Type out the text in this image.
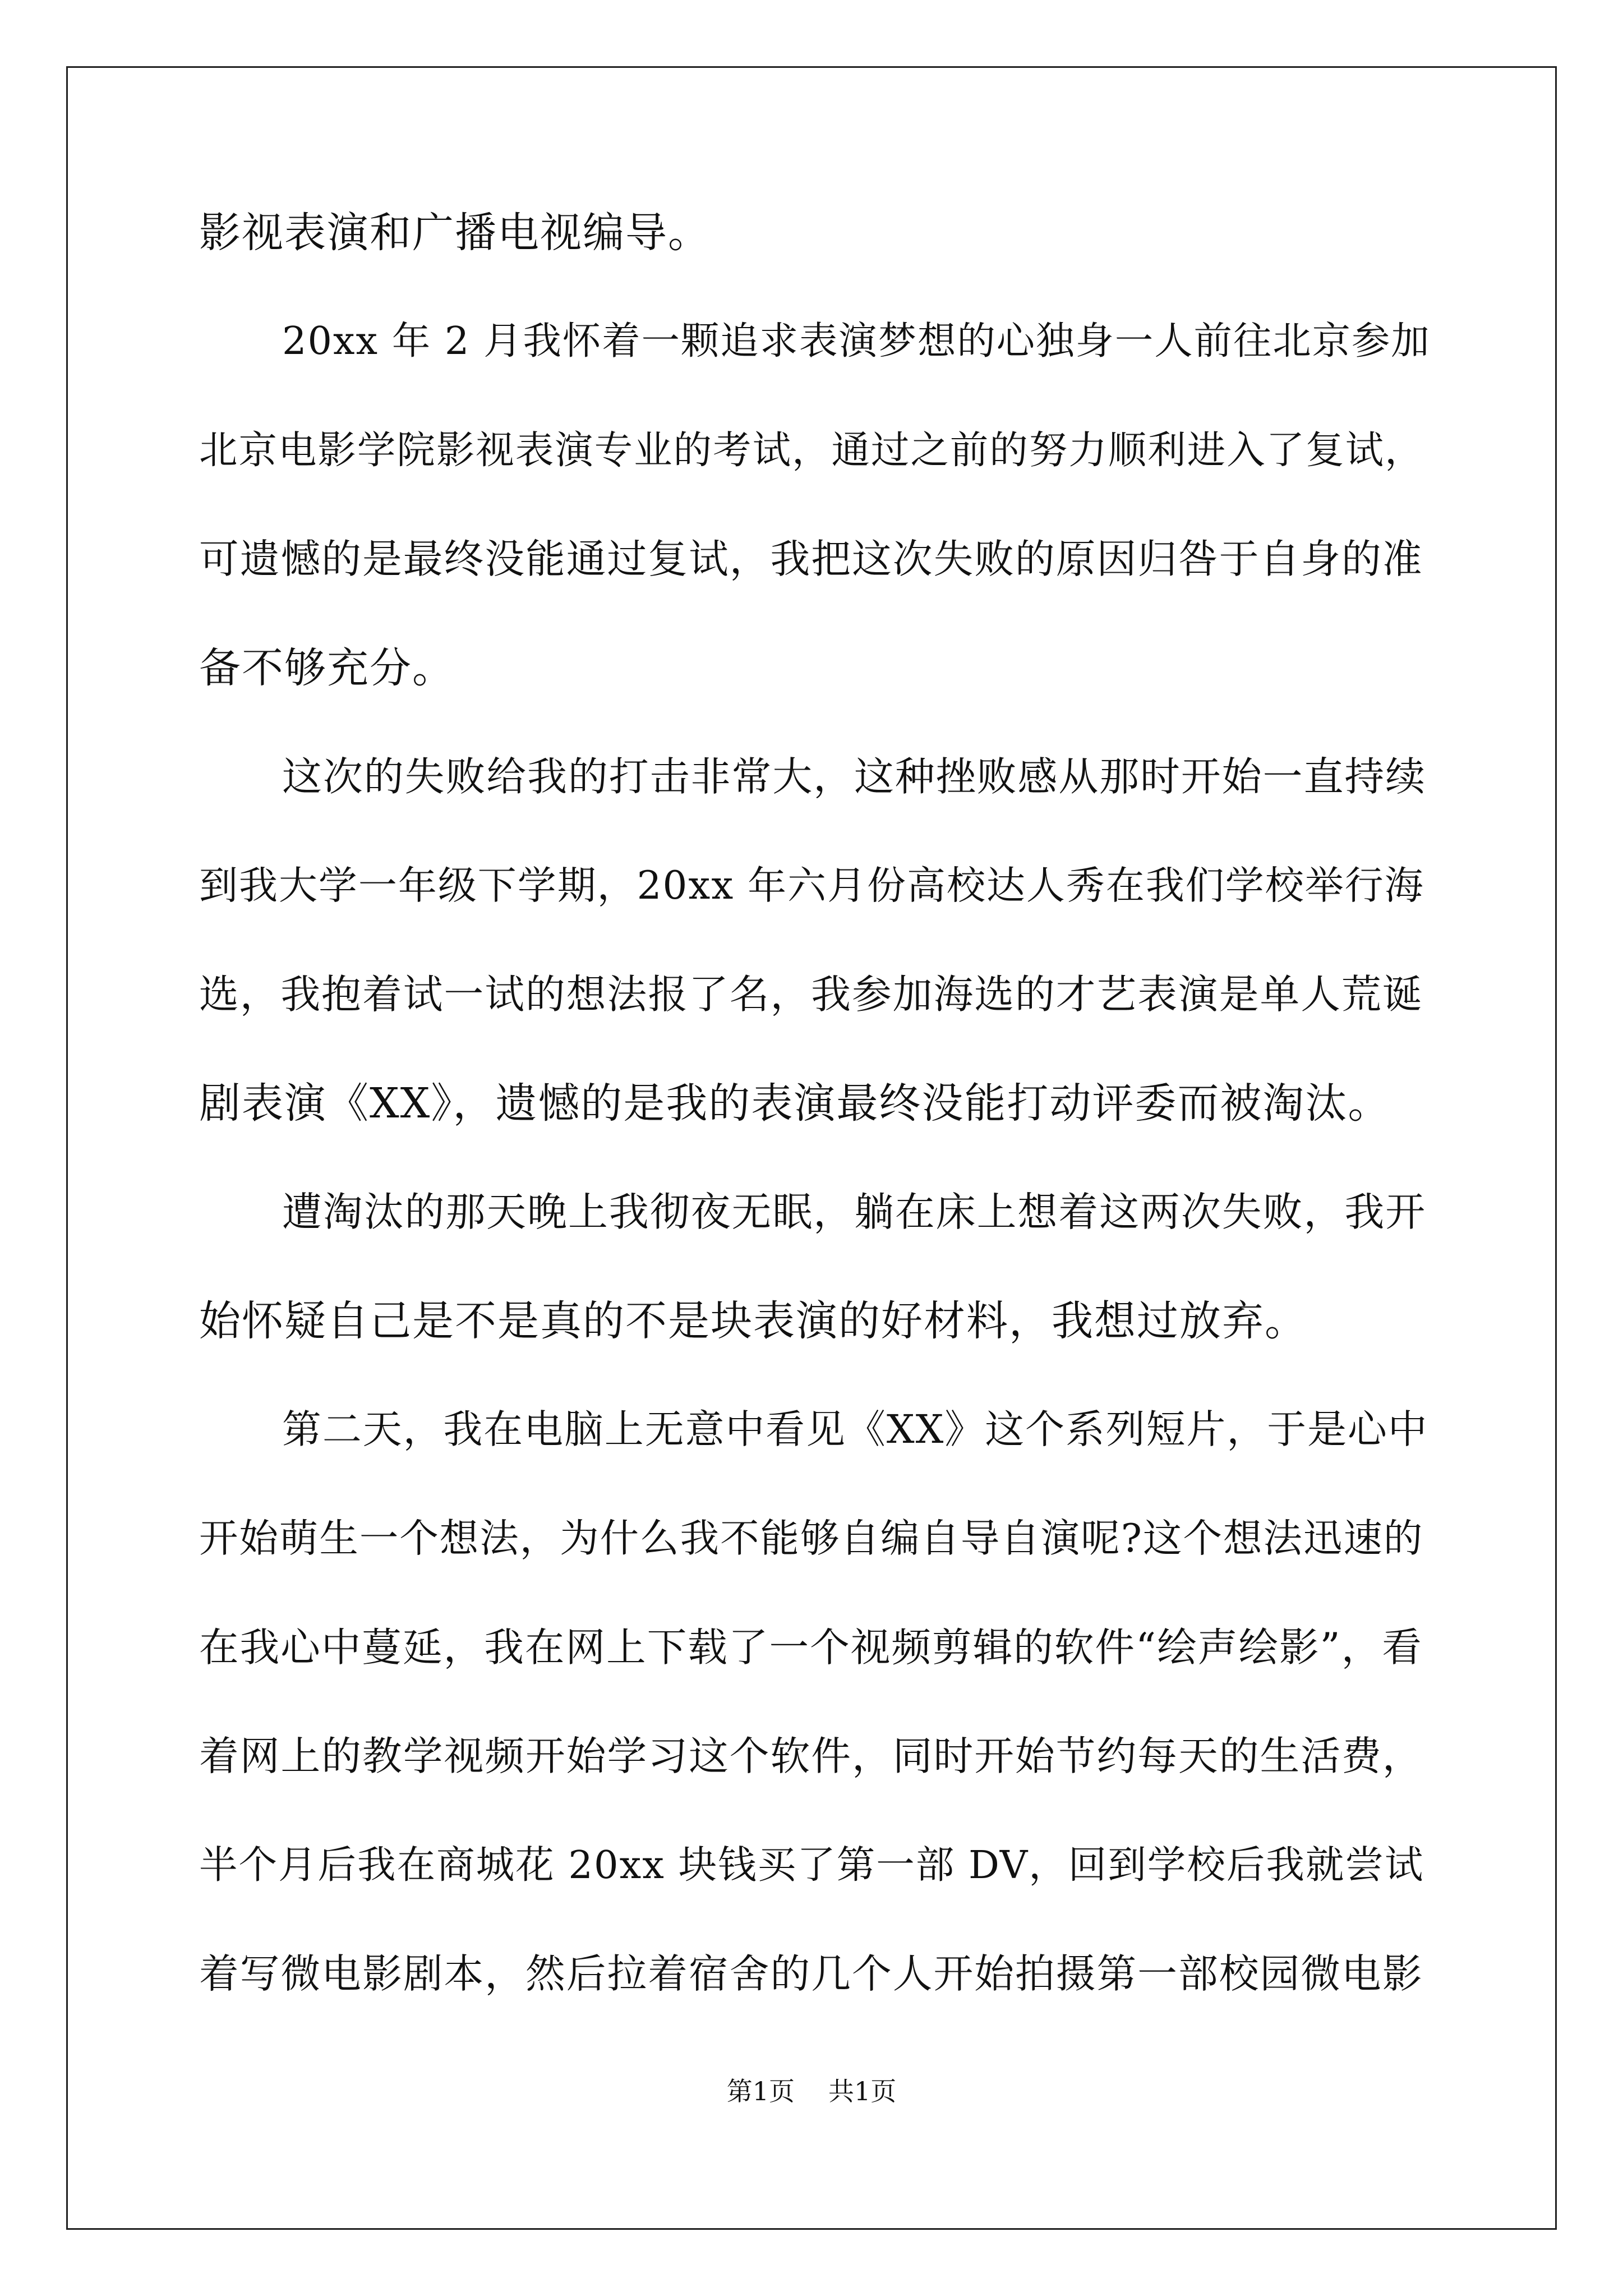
影视表演和广播电视编导。
20xx 年 2 月我怀着一颗追求表演梦想的心独身一人前往北京参加
北京电影学院影视表演专业的考试，通过之前的努力顺利进入了复试，
可遗憾的是最终没能通过复试，我把这次失败的原因归咎于自身的准
备不够充分。
这次的失败给我的打击非常大，这种挫败感从那时开始一直持续
到我大学一年级下学期，20xx 年六月份高校达人秀在我们学校举行海
选，我抱着试一试的想法报了名，我参加海选的才艺表演是单人荒诞
剧表演《XX》，遗憾的是我的表演最终没能打动评委而被淘汰。
遭淘汰的那天晚上我彻夜无眠，躺在床上想着这两次失败，我开
始怀疑自己是不是真的不是块表演的好材料，我想过放弃。
第二天，我在电脑上无意中看见《XX》这个系列短片，于是心中
开始萌生一个想法，为什么我不能够自编自导自演呢?这个想法迅速的
在我心中蔓延，我在网上下载了一个视频剪辑的软件“绘声绘影”，看
着网上的教学视频开始学习这个软件，同时开始节约每天的生活费，
半个月后我在商城花 20xx 块钱买了第一部 DV，回到学校后我就尝试
着写微电影剧本，然后拉着宿舍的几个人开始拍摄第一部校园微电影
第1页 共1页
